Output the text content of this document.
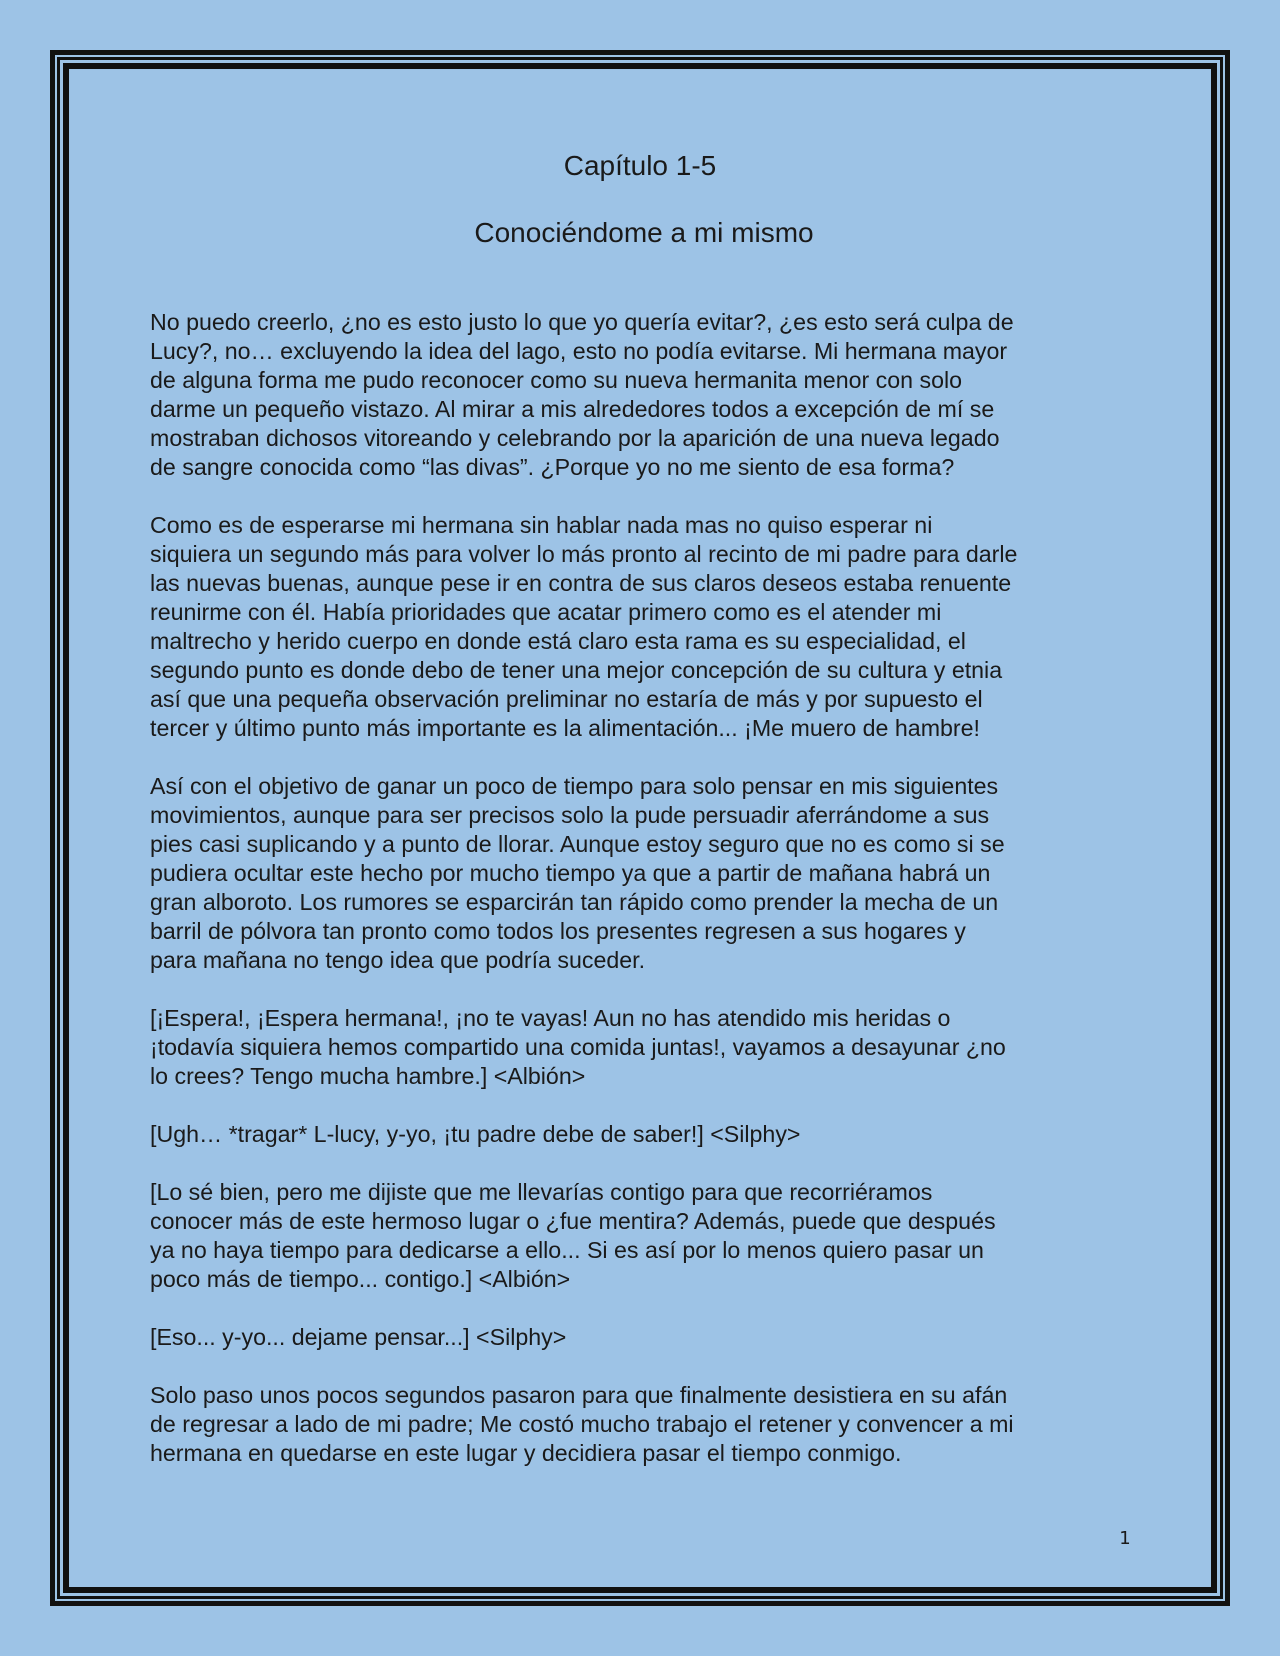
Capítulo 1-5
Conociéndome a mi mismo

No puedo creerlo, ¿no es esto justo lo que yo quería evitar?, ¿es esto será culpa de
Lucy?, no… excluyendo la idea del lago, esto no podía evitarse. Mi hermana mayor
de alguna forma me pudo reconocer como su nueva hermanita menor con solo
darme un pequeño vistazo. Al mirar a mis alrededores todos a excepción de mí se
mostraban dichosos vitoreando y celebrando por la aparición de una nueva legado
de sangre conocida como “las divas”. ¿Porque yo no me siento de esa forma?

Como es de esperarse mi hermana sin hablar nada mas no quiso esperar ni
siquiera un segundo más para volver lo más pronto al recinto de mi padre para darle
las nuevas buenas, aunque pese ir en contra de sus claros deseos estaba renuente
reunirme con él. Había prioridades que acatar primero como es el atender mi
maltrecho y herido cuerpo en donde está claro esta rama es su especialidad, el
segundo punto es donde debo de tener una mejor concepción de su cultura y etnia
así que una pequeña observación preliminar no estaría de más y por supuesto el
tercer y último punto más importante es la alimentación... ¡Me muero de hambre!

Así con el objetivo de ganar un poco de tiempo para solo pensar en mis siguientes
movimientos, aunque para ser precisos solo la pude persuadir aferrándome a sus
pies casi suplicando y a punto de llorar. Aunque estoy seguro que no es como si se
pudiera ocultar este hecho por mucho tiempo ya que a partir de mañana habrá un
gran alboroto. Los rumores se esparcirán tan rápido como prender la mecha de un
barril de pólvora tan pronto como todos los presentes regresen a sus hogares y
para mañana no tengo idea que podría suceder.

[¡Espera!, ¡Espera hermana!, ¡no te vayas! Aun no has atendido mis heridas o
¡todavía siquiera hemos compartido una comida juntas!, vayamos a desayunar ¿no
lo crees? Tengo mucha hambre.] <Albión>

[Ugh… *tragar* L-lucy, y-yo, ¡tu padre debe de saber!] <Silphy>

[Lo sé bien, pero me dijiste que me llevarías contigo para que recorriéramos
conocer más de este hermoso lugar o ¿fue mentira? Además, puede que después
ya no haya tiempo para dedicarse a ello... Si es así por lo menos quiero pasar un
poco más de tiempo... contigo.] <Albión>

[Eso... y-yo... dejame pensar...] <Silphy>

Solo paso unos pocos segundos pasaron para que finalmente desistiera en su afán
de regresar a lado de mi padre; Me costó mucho trabajo el retener y convencer a mi
hermana en quedarse en este lugar y decidiera pasar el tiempo conmigo.

1
